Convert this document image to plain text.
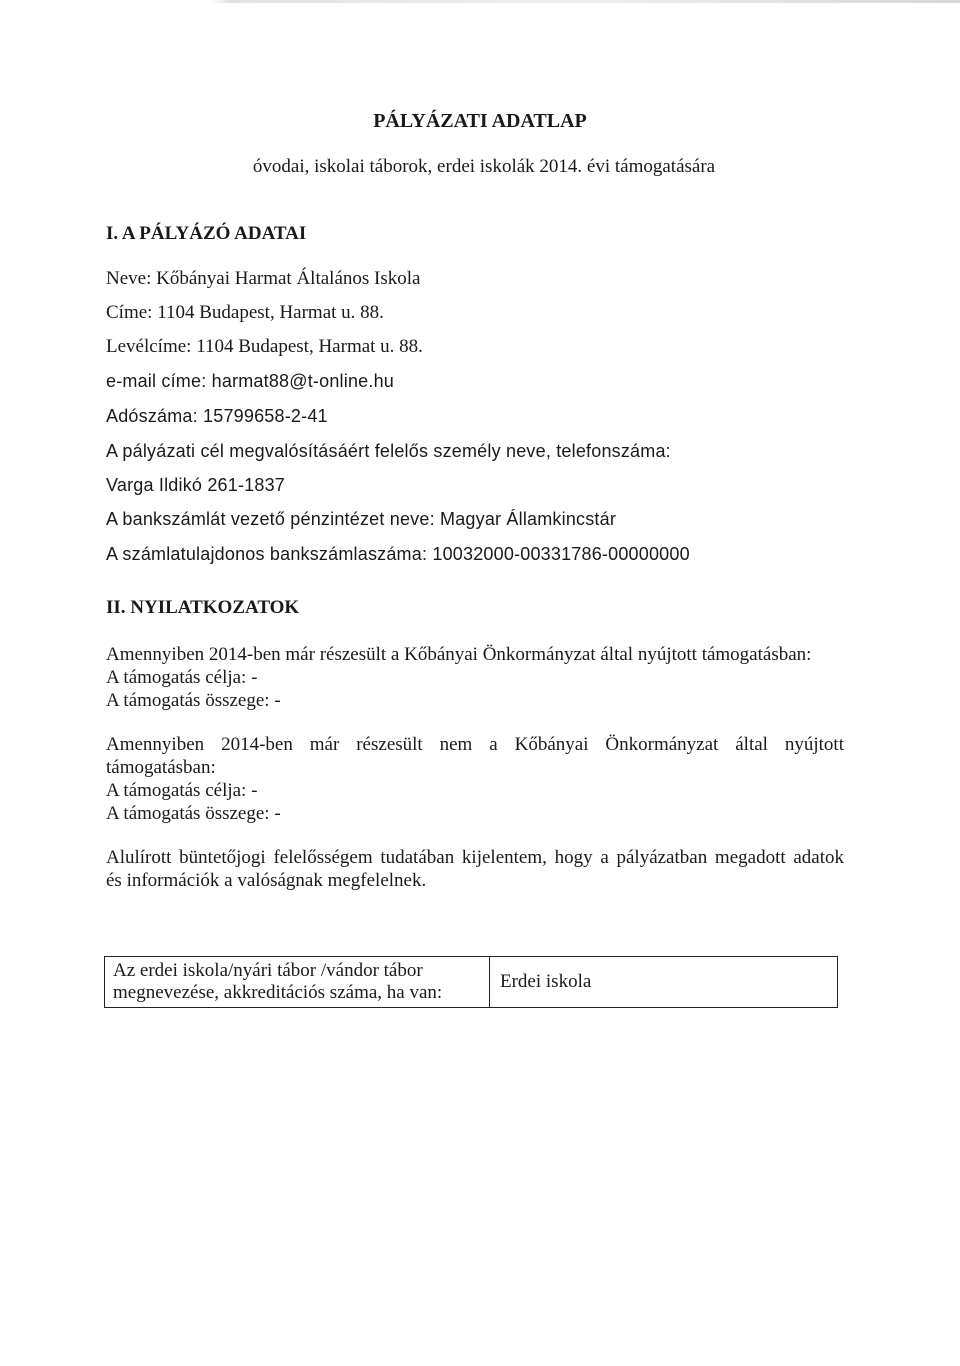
PÁLYÁZATI ADATLAP
óvodai, iskolai táborok, erdei iskolák 2014. évi támogatására
I. A PÁLYÁZÓ ADATAI
Neve: Kőbányai Harmat Általános Iskola
Címe: 1104 Budapest, Harmat u. 88.
Levélcíme: 1104 Budapest, Harmat u. 88.
e-mail címe: harmat88@t-online.hu
Adószáma: 15799658-2-41
A pályázati cél megvalósításáért felelős személy neve, telefonszáma:
Varga Ildikó 261-1837
A bankszámlát vezető pénzintézet neve: Magyar Államkincstár
A számlatulajdonos bankszámlaszáma: 10032000-00331786-00000000
II. NYILATKOZATOK
Amennyiben 2014-ben már részesült a Kőbányai Önkormányzat által nyújtott támogatásban:
A támogatás célja: -
A támogatás összege: -
Amennyiben 2014-ben már részesült nem a Kőbányai Önkormányzat által nyújtott
támogatásban:
A támogatás célja: -
A támogatás összege: -
Alulírott büntetőjogi felelősségem tudatában kijelentem, hogy a pályázatban megadott adatok
és információk a valóságnak megfelelnek.
Az erdei iskola/nyári tábor /vándor tábor
megnevezése, akkreditációs száma, ha van:
	Erdei iskola
